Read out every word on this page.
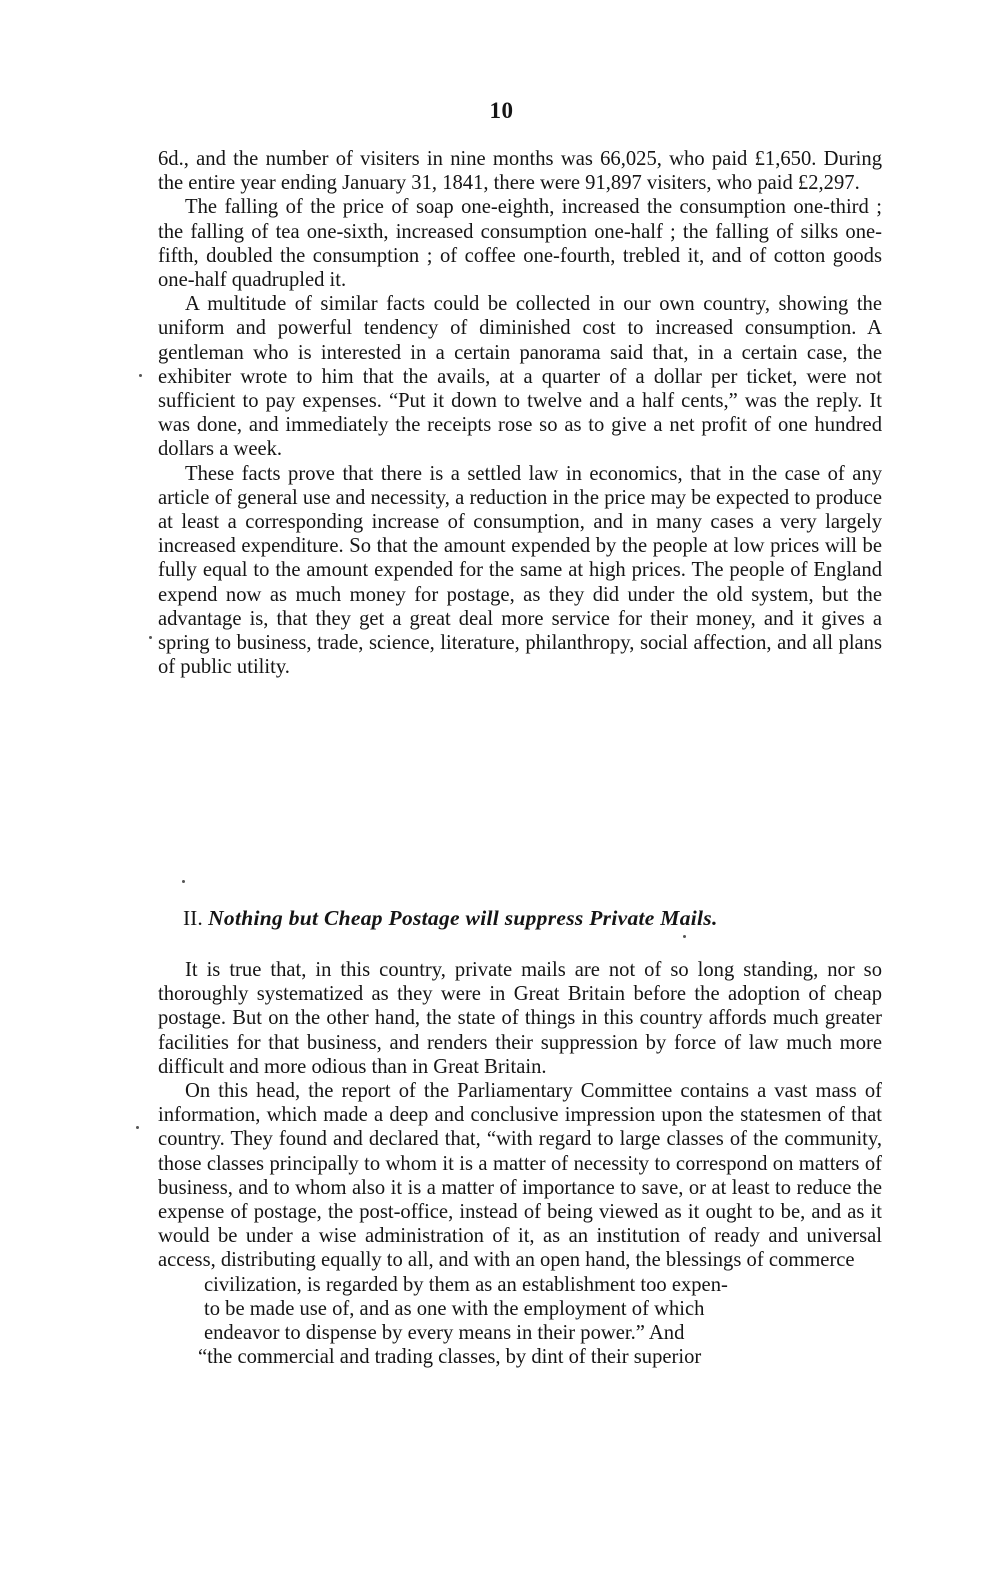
10

6d., and the number of visiters in nine months was 66,025, who paid £1,650. During the entire year ending January 31, 1841, there were 91,897 visiters, who paid £2,297.

The falling of the price of soap one-eighth, increased the consumption one-third ; the falling of tea one-sixth, increased consumption one-half ; the falling of silks one-fifth, doubled the consumption ; of coffee one-fourth, trebled it, and of cotton goods one-half quadrupled it.

A multitude of similar facts could be collected in our own country, showing the uniform and powerful tendency of diminished cost to increased consumption. A gentleman who is interested in a certain panorama said that, in a certain case, the exhibiter wrote to him that the avails, at a quarter of a dollar per ticket, were not sufficient to pay expenses. “Put it down to twelve and a half cents,” was the reply. It was done, and immediately the receipts rose so as to give a net profit of one hundred dollars a week.

These facts prove that there is a settled law in economics, that in the case of any article of general use and necessity, a reduction in the price may be expected to produce at least a corresponding increase of consumption, and in many cases a very largely increased expenditure. So that the amount expended by the people at low prices will be fully equal to the amount expended for the same at high prices. The people of England expend now as much money for postage, as they did under the old system, but the advantage is, that they get a great deal more service for their money, and it gives a spring to business, trade, science, literature, philanthropy, social affection, and all plans of public utility.

II. Nothing but Cheap Postage will suppress Private Mails.

It is true that, in this country, private mails are not of so long standing, nor so thoroughly systematized as they were in Great Britain before the adoption of cheap postage. But on the other hand, the state of things in this country affords much greater facilities for that business, and renders their suppression by force of law much more difficult and more odious than in Great Britain.

On this head, the report of the Parliamentary Committee contains a vast mass of information, which made a deep and conclusive impression upon the statesmen of that country. They found and declared that, “with regard to large classes of the community, those classes principally to whom it is a matter of necessity to correspond on matters of business, and to whom also it is a matter of importance to save, or at least to reduce the expense of postage, the post-office, instead of being viewed as it ought to be, and as it would be under a wise administration of it, as an institution of ready and universal access, distributing equally to all, and with an open hand, the blessings of commerce

civilization, is regarded by them as an establishment too expen-

to be made use of, and as one with the employment of which

endeavor to dispense by every means in their power.” And

“the commercial and trading classes, by dint of their superior
